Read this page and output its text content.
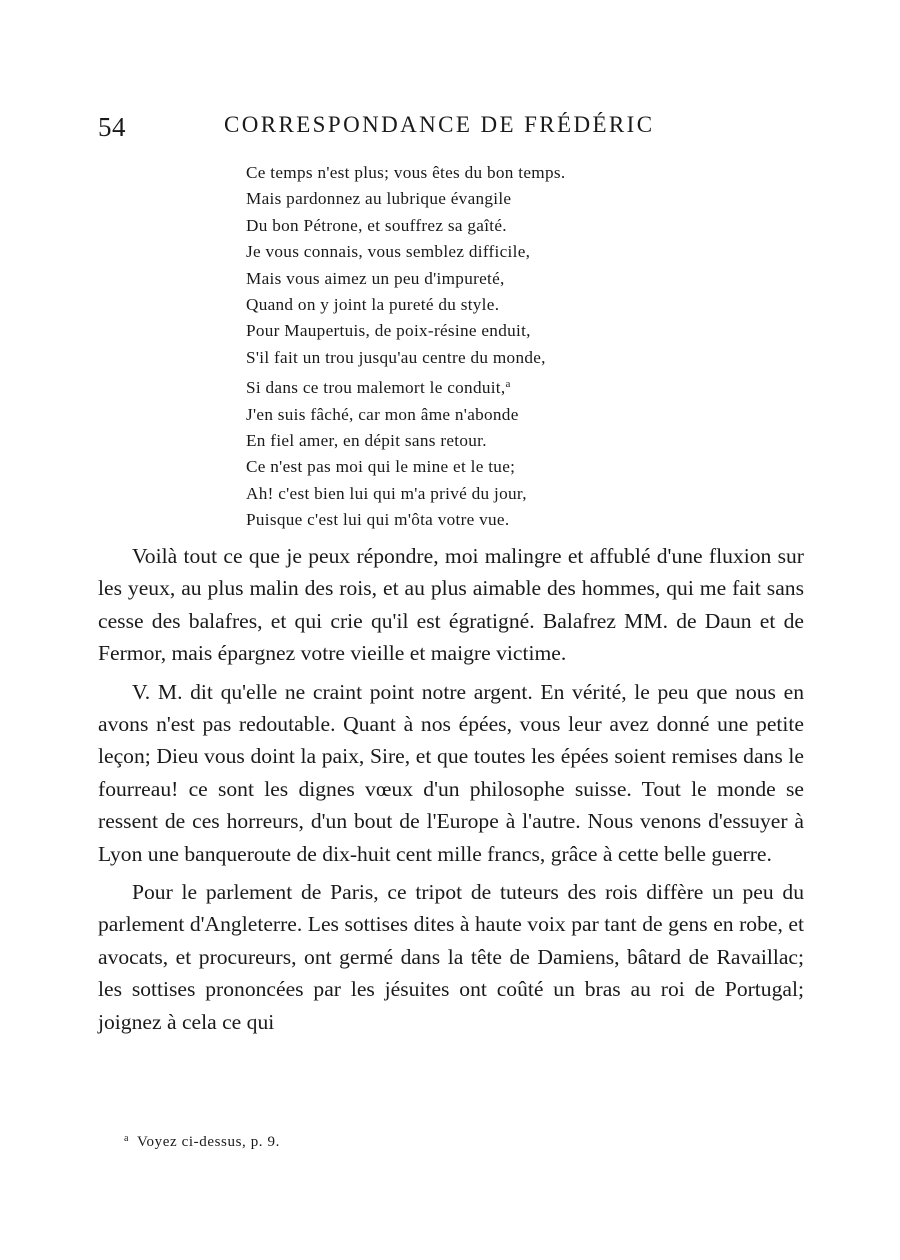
54	CORRESPONDANCE DE FRÉDÉRIC
Ce temps n'est plus; vous êtes du bon temps.
Mais pardonnez au lubrique évangile
Du bon Pétrone, et souffrez sa gaîté.
Je vous connais, vous semblez difficile,
Mais vous aimez un peu d'impureté,
Quand on y joint la pureté du style.
Pour Maupertuis, de poix-résine enduit,
S'il fait un trou jusqu'au centre du monde,
Si dans ce trou malemort le conduit,$^a$
J'en suis fâché, car mon âme n'abonde
En fiel amer, en dépit sans retour.
Ce n'est pas moi qui le mine et le tue;
Ah! c'est bien lui qui m'a privé du jour,
Puisque c'est lui qui m'ôta votre vue.

Voilà tout ce que je peux répondre, moi malingre et affublé d'une fluxion sur les yeux, au plus malin des rois, et au plus aimable des hommes, qui me fait sans cesse des balafres, et qui crie qu'il est égratigné. Balafrez MM. de Daun et de Fermor, mais épargnez votre vieille et maigre victime.

V. M. dit qu'elle ne craint point notre argent. En vérité, le peu que nous en avons n'est pas redoutable. Quant à nos épées, vous leur avez donné une petite leçon; Dieu vous doint la paix, Sire, et que toutes les épées soient remises dans le fourreau! ce sont les dignes vœux d'un philosophe suisse. Tout le monde se ressent de ces horreurs, d'un bout de l'Europe à l'autre. Nous venons d'essuyer à Lyon une banqueroute de dix-huit cent mille francs, grâce à cette belle guerre.

Pour le parlement de Paris, ce tripot de tuteurs des rois diffère un peu du parlement d'Angleterre. Les sottises dites à haute voix par tant de gens en robe, et avocats, et procureurs, ont germé dans la tête de Damiens, bâtard de Ravaillac; les sottises prononcées par les jésuites ont coûté un bras au roi de Portugal; joignez à cela ce qui

$^a$ Voyez ci-dessus, p. 9.
